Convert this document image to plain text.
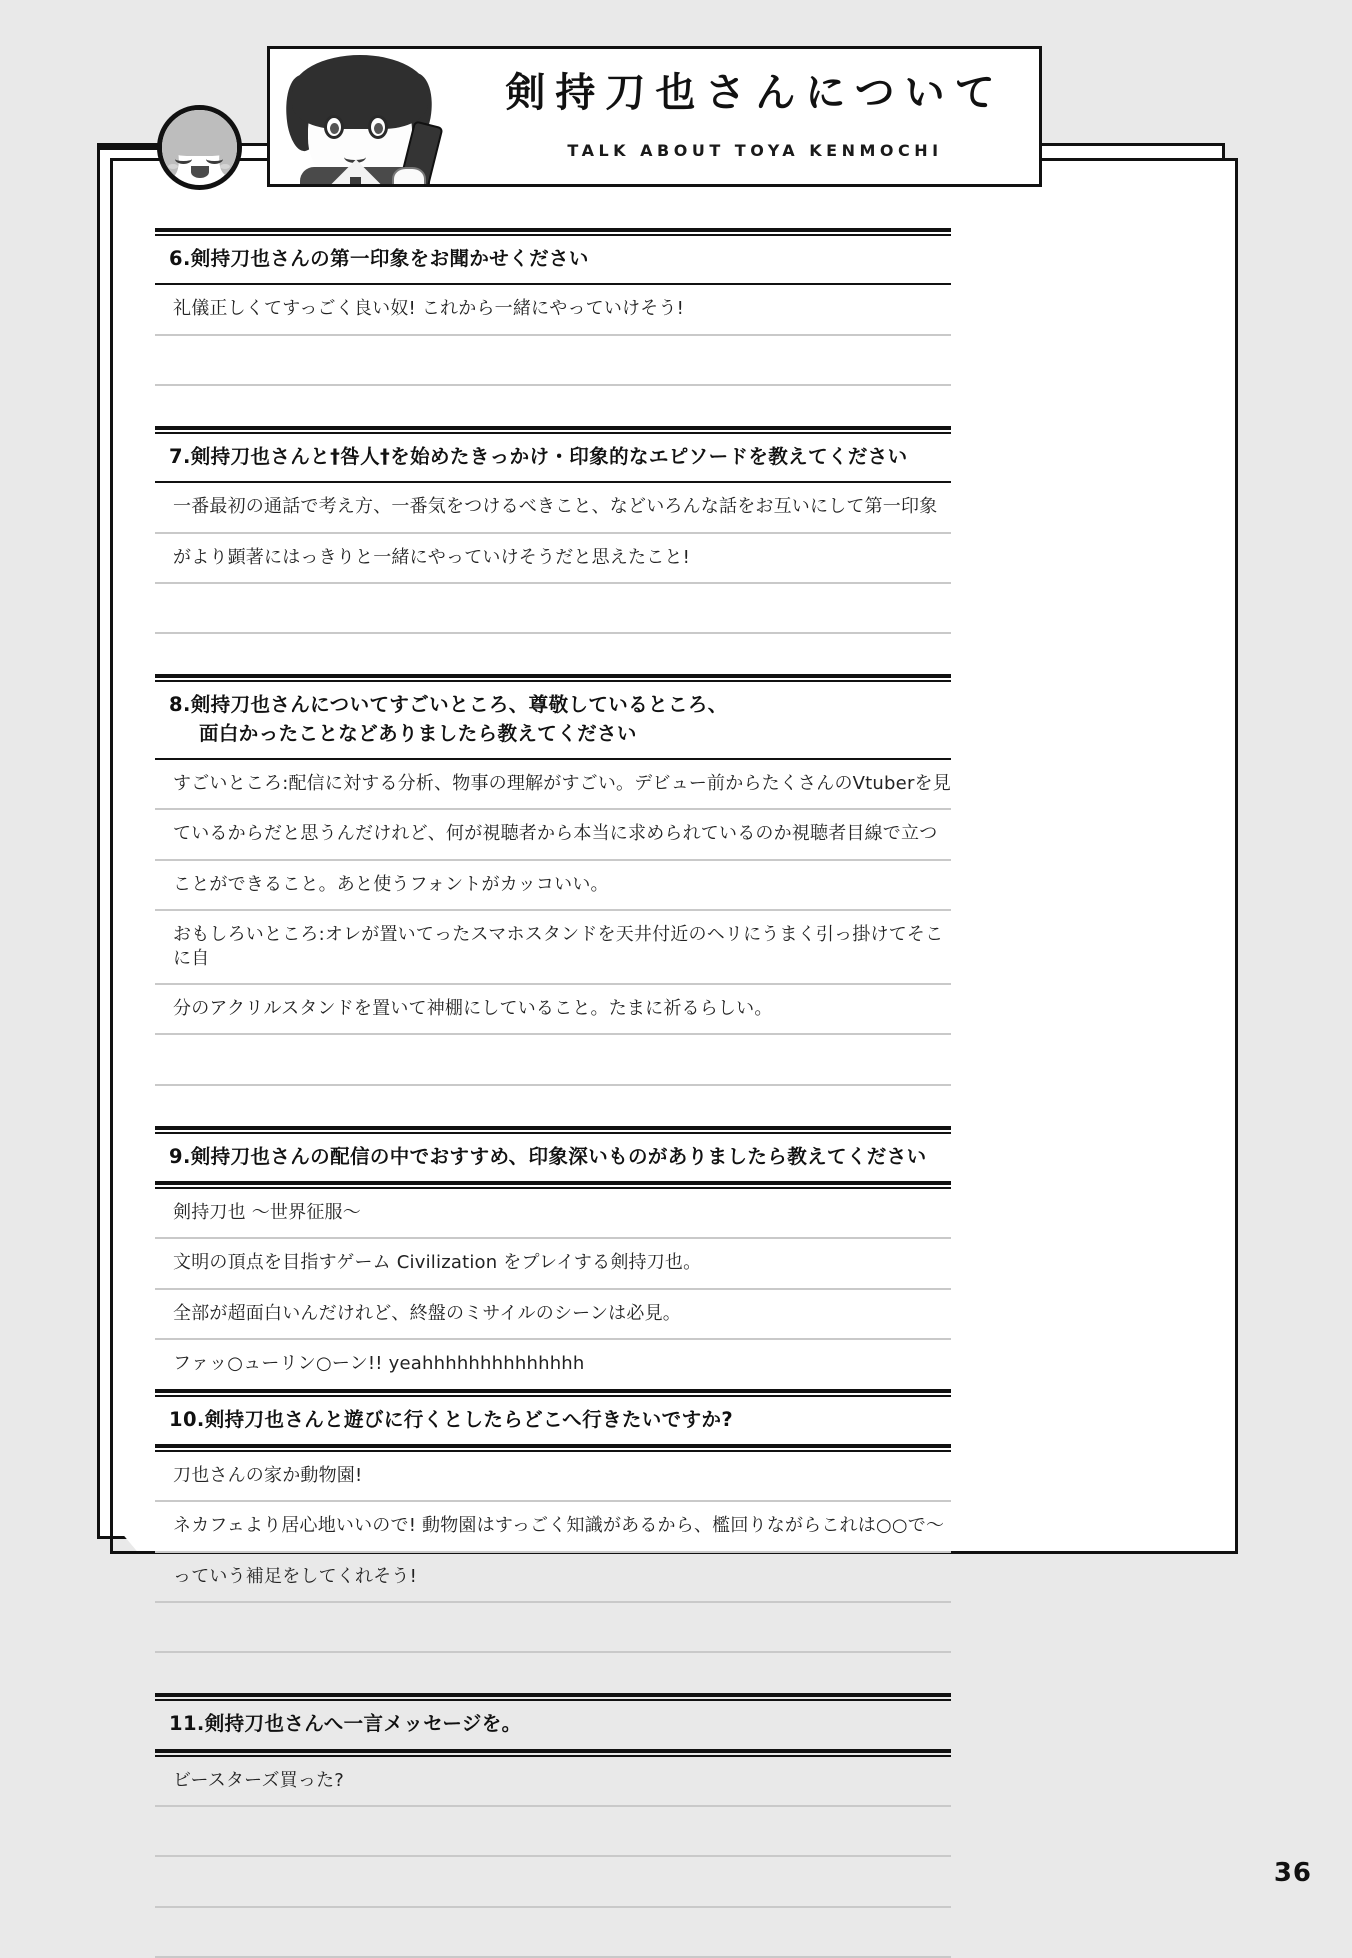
剣持刀也さんについて
TALK ABOUT TOYA KENMOCHI
6.剣持刀也さんの第一印象をお聞かせください
礼儀正しくてすっごく良い奴! これから一緒にやっていけそう!

7.剣持刀也さんと†咎人†を始めたきっかけ・印象的なエピソードを教えてください
一番最初の通話で考え方、一番気をつけるべきこと、などいろんな話をお互いにして第一印象
がより顕著にはっきりと一緒にやっていけそうだと思えたこと!

8.剣持刀也さんについてすごいところ、尊敬しているところ、
面白かったことなどありましたら教えてください
すごいところ:配信に対する分析、物事の理解がすごい。デビュー前からたくさんのVtuberを見
ているからだと思うんだけれど、何が視聴者から本当に求められているのか視聴者目線で立つ
ことができること。あと使うフォントがカッコいい。
おもしろいところ:オレが置いてったスマホスタンドを天井付近のヘリにうまく引っ掛けてそこに自
分のアクリルスタンドを置いて神棚にしていること。たまに祈るらしい。

9.剣持刀也さんの配信の中でおすすめ、印象深いものがありましたら教えてください
剣持刀也 〜世界征服〜
文明の頂点を目指すゲーム Civilization をプレイする剣持刀也。
全部が超面白いんだけれど、終盤のミサイルのシーンは必見。
ファッ○ューリン○ーン!! yeahhhhhhhhhhhhhh
10.剣持刀也さんと遊びに行くとしたらどこへ行きたいですか?
刀也さんの家か動物園!
ネカフェより居心地いいので! 動物園はすっごく知識があるから、檻回りながらこれは○○で〜
っていう補足をしてくれそう!

11.剣持刀也さんへ一言メッセージを。
ビースターズ買った?

36
